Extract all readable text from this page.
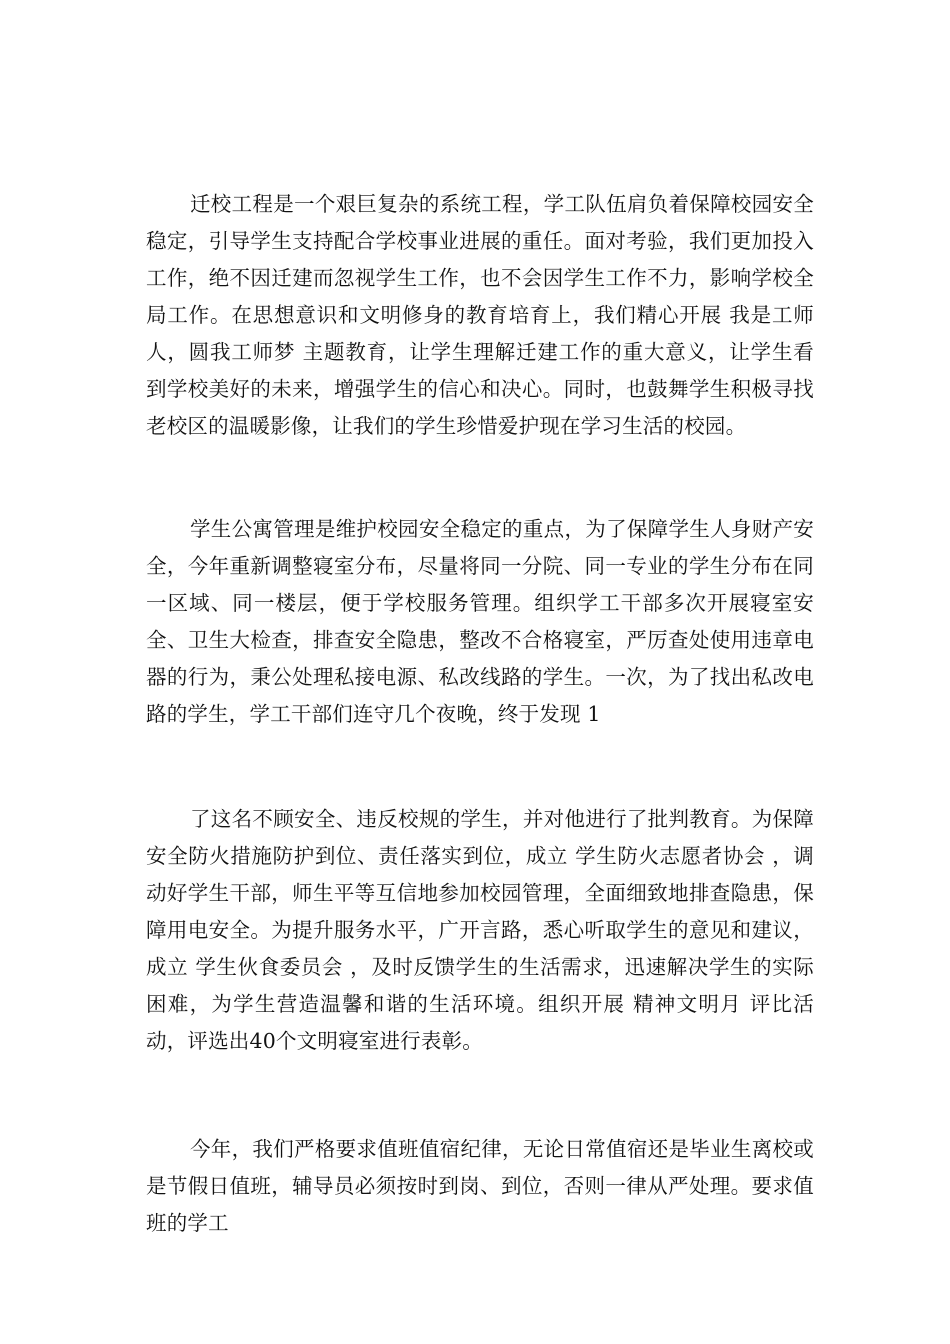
迁校工程是一个艰巨复杂的系统工程，学工队伍肩负着保障校园安全稳定，引导学生支持配合学校事业进展的重任。面对考验，我们更加投入工作，绝不因迁建而忽视学生工作，也不会因学生工作不力，影响学校全局工作。在思想意识和文明修身的教育培育上，我们精心开展 我是工师人，圆我工师梦 主题教育，让学生理解迁建工作的重大意义，让学生看到学校美好的未来，增强学生的信心和决心。同时，也鼓舞学生积极寻找老校区的温暖影像，让我们的学生珍惜爱护现在学习生活的校园。

学生公寓管理是维护校园安全稳定的重点，为了保障学生人身财产安全，今年重新调整寝室分布，尽量将同一分院、同一专业的学生分布在同一区域、同一楼层，便于学校服务管理。组织学工干部多次开展寝室安全、卫生大检查，排查安全隐患，整改不合格寝室，严厉查处使用违章电器的行为，秉公处理私接电源、私改线路的学生。一次，为了找出私改电路的学生，学工干部们连守几个夜晚，终于发现 1

了这名不顾安全、违反校规的学生，并对他进行了批判教育。为保障安全防火措施防护到位、责任落实到位，成立 学生防火志愿者协会 ，调动好学生干部，师生平等互信地参加校园管理，全面细致地排查隐患，保障用电安全。为提升服务水平，广开言路，悉心听取学生的意见和建议，成立 学生伙食委员会 ，及时反馈学生的生活需求，迅速解决学生的实际困难，为学生营造温馨和谐的生活环境。组织开展 精神文明月 评比活动，评选出40个文明寝室进行表彰。

今年，我们严格要求值班值宿纪律，无论日常值宿还是毕业生离校或是节假日值班，辅导员必须按时到岗、到位，否则一律从严处理。要求值班的学工
